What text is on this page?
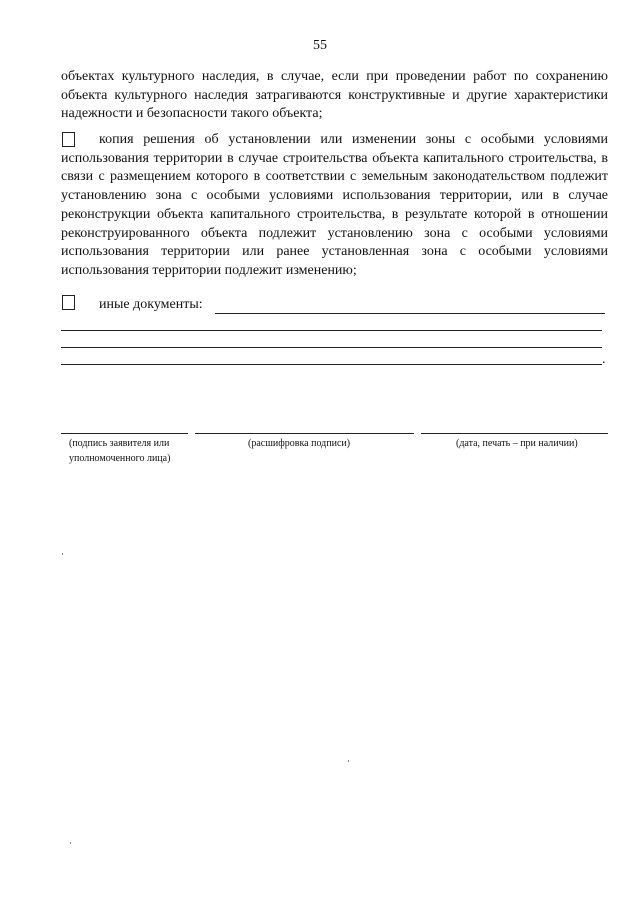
55

объектах культурного наследия, в случае, если при проведении работ по сохранению объекта культурного наследия затрагиваются конструктивные и другие характеристики надежности и безопасности такого объекта;

копия решения об установлении или изменении зоны с особыми условиями использования территории в случае строительства объекта капитального строительства, в связи с размещением которого в соответствии с земельным законодательством подлежит установлению зона с особыми условиями использования территории, или в случае реконструкции объекта капитального строительства, в результате которой в отношении реконструированного объекта подлежит установлению зона с особыми условиями использования территории или ранее установленная зона с особыми условиями использования территории подлежит изменению;

иные документы:
.

(подпись заявителя или уполномоченного лица)

(расшифровка подписи)	(дата, печать – при наличии)
